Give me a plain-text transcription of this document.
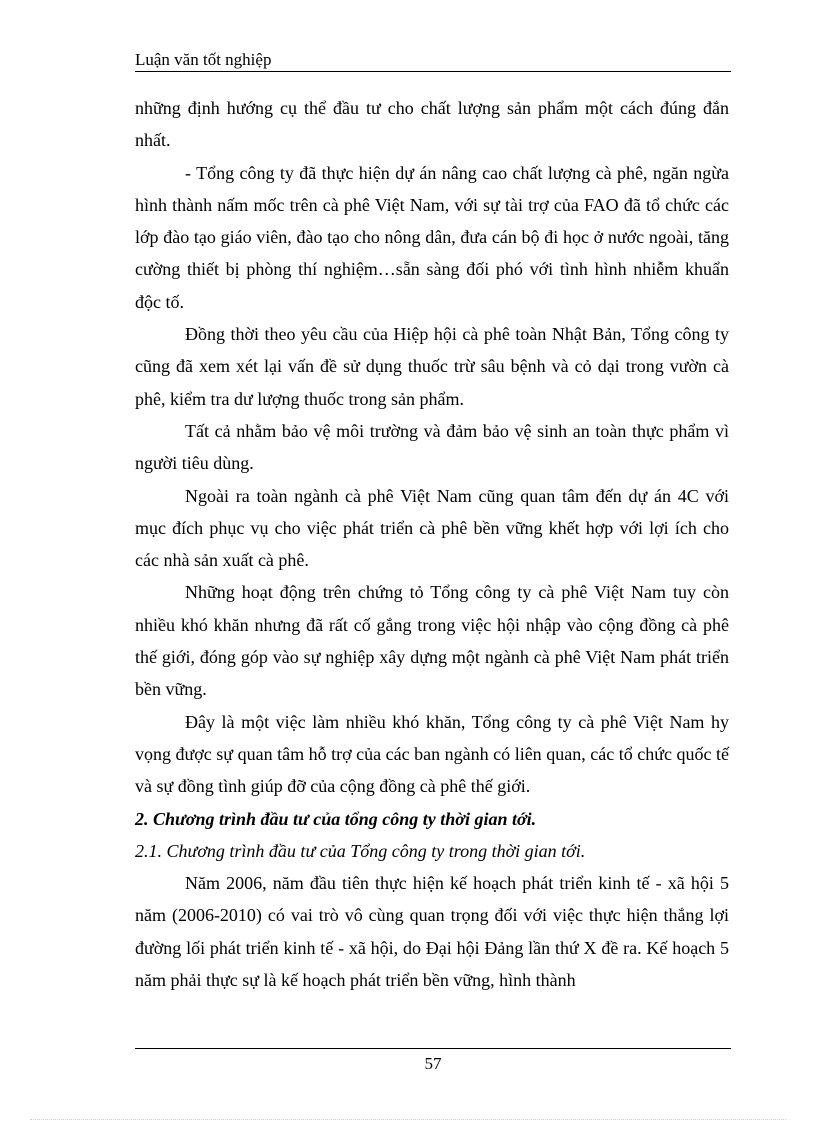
Luận văn tốt nghiệp

những định hướng cụ thể đầu tư cho chất lượng sản phẩm một cách đúng đắn nhất.

- Tổng công ty đã thực hiện dự án nâng cao chất lượng cà phê, ngăn ngừa hình thành nấm mốc trên cà phê Việt Nam, với sự tài trợ của FAO đã tổ chức các lớp đào tạo giáo viên, đào tạo cho nông dân, đưa cán bộ đi học ở nước ngoài, tăng cường thiết bị phòng thí nghiệm…sẵn sàng đối phó với tình hình nhiễm khuẩn độc tố.

Đồng thời theo yêu cầu của Hiệp hội cà phê toàn Nhật Bản, Tổng công ty cũng đã xem xét lại vấn đề sử dụng thuốc trừ sâu bệnh và cỏ dại trong vườn cà phê, kiểm tra dư lượng thuốc trong sản phẩm.

Tất cả nhằm bảo vệ môi trường và đảm bảo vệ sinh an toàn thực phẩm vì người tiêu dùng.

Ngoài ra toàn ngành cà phê Việt Nam cũng quan tâm đến dự án 4C với mục đích phục vụ cho việc phát triển cà phê bền vững khết hợp với lợi ích cho các nhà sản xuất cà phê.

Những hoạt động trên chứng tỏ Tổng công ty cà phê Việt Nam tuy còn nhiều khó khăn nhưng đã rất cố gắng trong việc hội nhập vào cộng đồng cà phê thế giới, đóng góp vào sự nghiệp xây dựng một ngành cà phê Việt Nam phát triển bền vững.

Đây là một việc làm nhiều khó khăn, Tổng công ty cà phê Việt Nam hy vọng được sự quan tâm hỗ trợ của các ban ngành có liên quan, các tổ chức quốc tế và sự đồng tình giúp đỡ của cộng đồng cà phê thế giới.

2. Chương trình đầu tư của tổng công ty thời gian tới.
2.1. Chương trình đầu tư của Tổng công ty trong thời gian tới.

Năm 2006, năm đầu tiên thực hiện kế hoạch phát triển kinh tế - xã hội 5 năm (2006-2010) có vai trò vô cùng quan trọng đối với việc thực hiện thắng lợi đường lối phát triển kinh tế - xã hội, do Đại hội Đảng lần thứ X đề ra. Kế hoạch 5 năm phải thực sự là kế hoạch phát triển bền vững, hình thành

57
